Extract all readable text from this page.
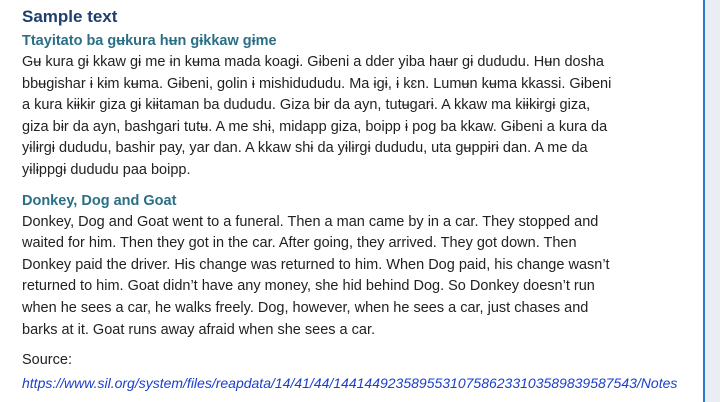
Sample text
Ttayitato ba gʉkura hʉn gɨkkaw gɨme

Gʉ kura gɨ kkaw gɨ me ɨn kʉma mada koagɨ. Gɨbeni a dder yiba haʉr gɨ dududu. Hʉn dosha
bbʉgishar ɨ kɨm kʉma. Gɨbeni, golin ɨ mishidududu. Ma ɨgɨ, ɨ kɛn. Lumʉn kʉma kkassi. Gɨbeni
a kura kɨɨkɨr giza gɨ kɨɨtaman ba dududu. Giza bɨr da ayn, tutʉgarɨ. A kkaw ma kɨɨkɨrgɨ giza,
giza bɨr da ayn, bashgari tutʉ. A me shɨ, midapp giza, boipp ɨ pog ba kkaw. Gɨbeni a kura da
yɨlɨrgɨ dududu, bashir pay, yar dan. A kkaw shɨ da yɨlɨrgɨ dududu, uta gʉppɨrɨ dan. A me da
yɨlɨppgɨ dududu paa boipp.

Donkey, Dog and Goat

Donkey, Dog and Goat went to a funeral. Then a man came by in a car. They stopped and
waited for him. Then they got in the car. After going, they arrived. They got down. Then
Donkey paid the driver. His change was returned to him. When Dog paid, his change wasn’t
returned to him. Goat didn’t have any money, she hid behind Dog. So Donkey doesn’t run
when he sees a car, he walks freely. Dog, however, when he sees a car, just chases and
barks at it. Goat runs away afraid when she sees a car.

Source:
https://www.sil.org/system/files/reapdata/14/41/44/144144923589553107586233103589839587543/Notes
